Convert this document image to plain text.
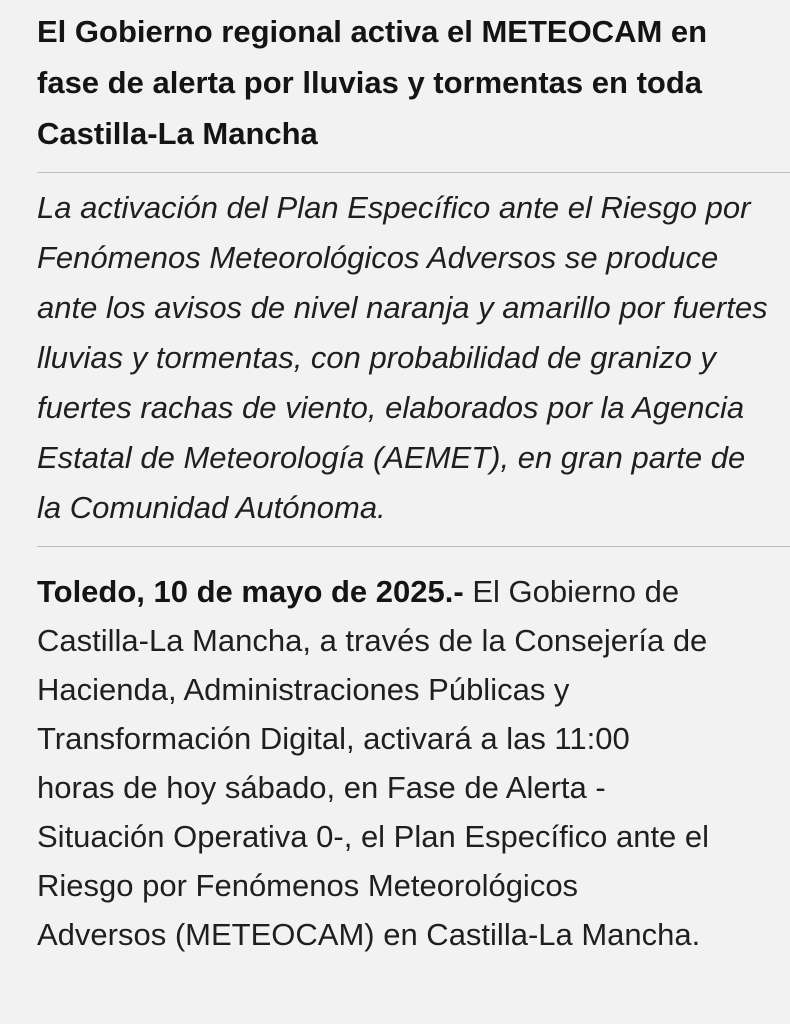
El Gobierno regional activa el METEOCAM en fase de alerta por lluvias y tormentas en toda Castilla-La Mancha

La activación del Plan Específico ante el Riesgo por Fenómenos Meteorológicos Adversos se produce ante los avisos de nivel naranja y amarillo por fuertes lluvias y tormentas, con probabilidad de granizo y fuertes rachas de viento, elaborados por la Agencia Estatal de Meteorología (AEMET), en gran parte de la Comunidad Autónoma.

Toledo, 10 de mayo de 2025.- El Gobierno de
Castilla-La Mancha, a través de la Consejería de
Hacienda, Administraciones Públicas y
Transformación Digital, activará a las 11:00
horas de hoy sábado, en Fase de Alerta -
Situación Operativa 0-, el Plan Específico ante el
Riesgo por Fenómenos Meteorológicos
Adversos (METEOCAM) en Castilla-La Mancha.
